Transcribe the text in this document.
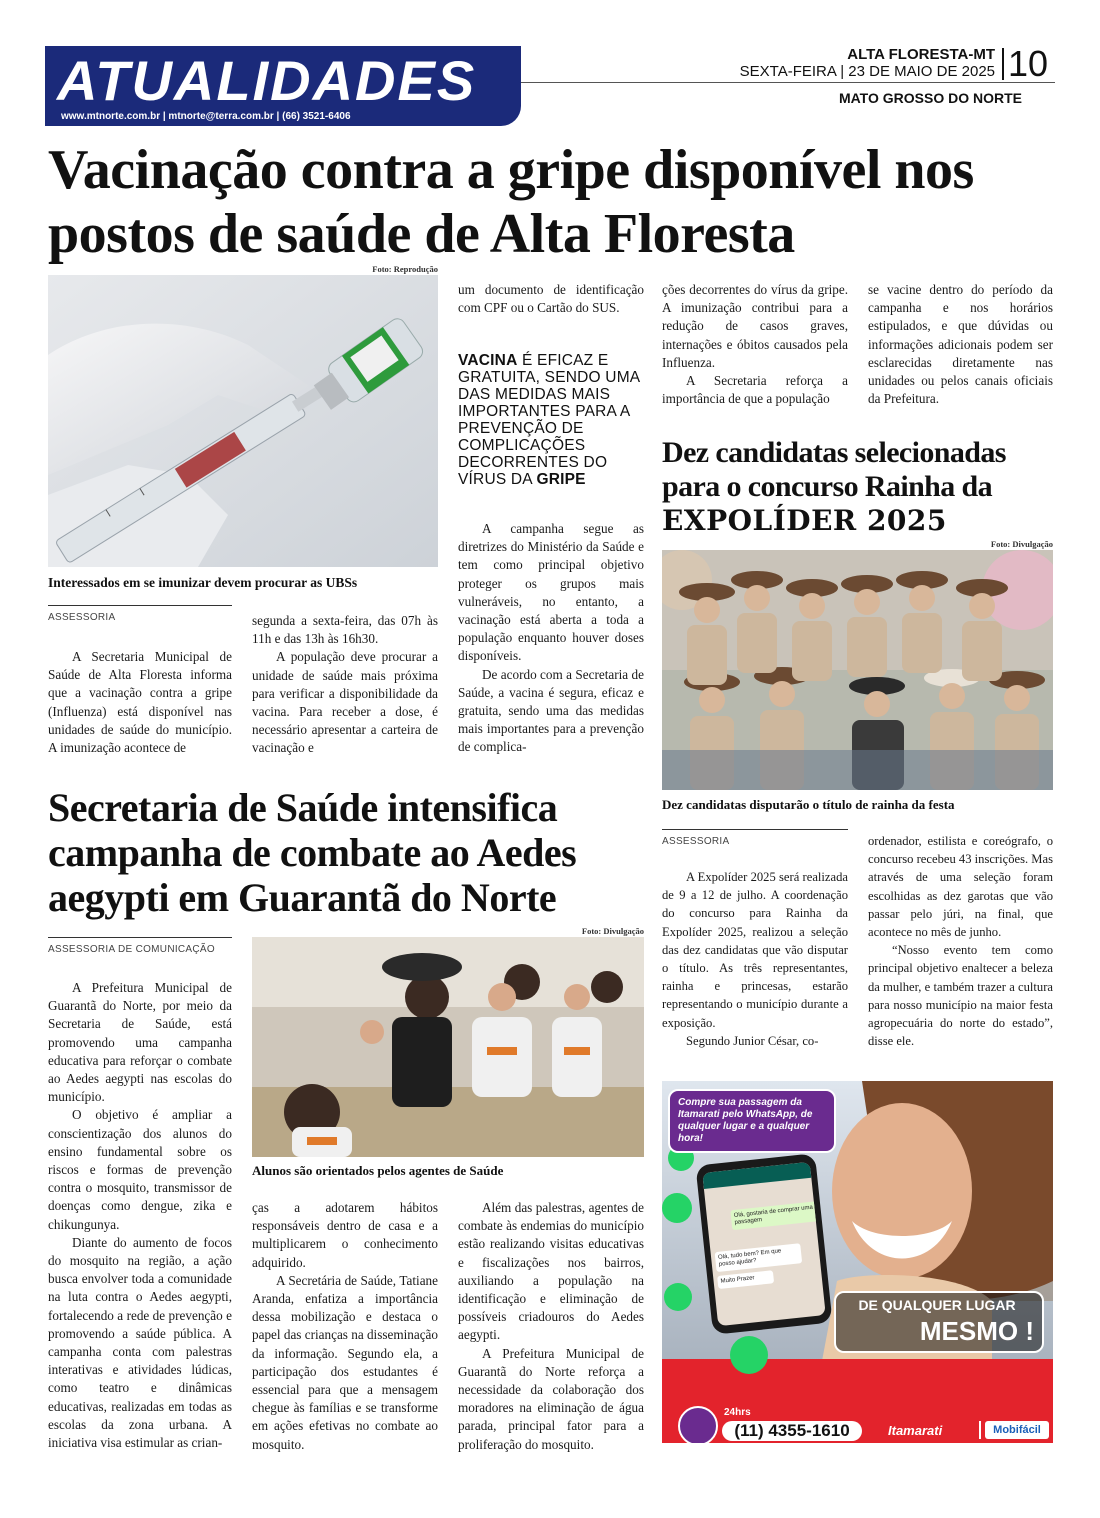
ATUALIDADES
www.mtnorte.com.br | mtnorte@terra.com.br | (66) 3521-6406
ALTA FLORESTA-MT
SEXTA-FEIRA | 23 DE MAIO DE 2025 10
MATO GROSSO DO NORTE
Vacinação contra a gripe disponível nos postos de saúde de Alta Floresta
Foto: Reprodução
Interessados em se imunizar devem procurar as UBSs
ASSESSORIA

A Secretaria Municipal de Saúde de Alta Floresta informa que a vacinação contra a gripe (Influenza) está disponível nas unidades de saúde do município. A imunização acontece de

segunda a sexta-feira, das 07h às 11h e das 13h às 16h30.

A população deve procurar a unidade de saúde mais próxima para verificar a disponibilidade da vacina. Para receber a dose, é necessário apresentar a carteira de vacinação e

um documento de identificação com CPF ou o Cartão do SUS.

VACINA É EFICAZ E GRATUITA, SENDO UMA DAS MEDIDAS MAIS IMPORTANTES PARA A PREVENÇÃO DE COMPLICAÇÕES DECORRENTES DO VÍRUS DA GRIPE

A campanha segue as diretrizes do Ministério da Saúde e tem como principal objetivo proteger os grupos mais vulneráveis, no entanto, a vacinação está aberta a toda a população enquanto houver doses disponíveis.

De acordo com a Secretaria de Saúde, a vacina é segura, eficaz e gratuita, sendo uma das medidas mais importantes para a prevenção de complica-

ções decorrentes do vírus da gripe. A imunização contribui para a redução de casos graves, internações e óbitos causados pela Influenza.

A Secretaria reforça a importância de que a população

se vacine dentro do período da campanha e nos horários estipulados, e que dúvidas ou informações adicionais podem ser esclarecidas diretamente nas unidades ou pelos canais oficiais da Prefeitura.

Dez candidatas selecionadas para o concurso Rainha da EXPOLÍDER 2025
Foto: Divulgação
Dez candidatas disputarão o título de rainha da festa
ASSESSORIA

A Expolíder 2025 será realizada de 9 a 12 de julho. A coordenação do concurso para Rainha da Expolíder 2025, realizou a seleção das dez candidatas que vão disputar o título. As três representantes, rainha e princesas, estarão representando o município durante a exposição.

Segundo Junior César, co-

ordenador, estilista e coreógrafo, o concurso recebeu 43 inscrições. Mas através de uma seleção foram escolhidas as dez garotas que vão passar pelo júri, na final, que acontece no mês de junho.

“Nosso evento tem como principal objetivo enaltecer a beleza da mulher, e também trazer a cultura para nosso município na maior festa agropecuária do norte do estado”, disse ele.

Secretaria de Saúde intensifica campanha de combate ao Aedes aegypti em Guarantã do Norte
ASSESSORIA DE COMUNICAÇÃO
Foto: Divulgação
Alunos são orientados pelos agentes de Saúde

A Prefeitura Municipal de Guarantã do Norte, por meio da Secretaria de Saúde, está promovendo uma campanha educativa para reforçar o combate ao Aedes aegypti nas escolas do município.

O objetivo é ampliar a conscientização dos alunos do ensino fundamental sobre os riscos e formas de prevenção contra o mosquito, transmissor de doenças como dengue, zika e chikungunya.

Diante do aumento de focos do mosquito na região, a ação busca envolver toda a comunidade na luta contra o Aedes aegypti, fortalecendo a rede de prevenção e promovendo a saúde pública. A campanha conta com palestras interativas e atividades lúdicas, como teatro e dinâmicas educativas, realizadas em todas as escolas da zona urbana. A iniciativa visa estimular as crian-

ças a adotarem hábitos responsáveis dentro de casa e a multiplicarem o conhecimento adquirido.

A Secretária de Saúde, Tatiane Aranda, enfatiza a importância dessa mobilização e destaca o papel das crianças na disseminação da informação. Segundo ela, a participação dos estudantes é essencial para que a mensagem chegue às famílias e se transforme em ações efetivas no combate ao mosquito.

Além das palestras, agentes de combate às endemias do município estão realizando visitas educativas e fiscalizações nos bairros, auxiliando a população na identificação e eliminação de possíveis criadouros do Aedes aegypti.

A Prefeitura Municipal de Guarantã do Norte reforça a necessidade da colaboração dos moradores na eliminação de água parada, principal fator para a proliferação do mosquito.

Compre sua passagem da Itamarati pelo WhatsApp, de qualquer lugar e a qualquer hora!
Olá, gostaria de comprar uma passagem
Olá, tudo bem? Em que posso ajudar?
Muito Prazer
DE QUALQUER LUGAR
MESMO !
24hrs
(11) 4355-1610	Itamarati	Mobifácil
